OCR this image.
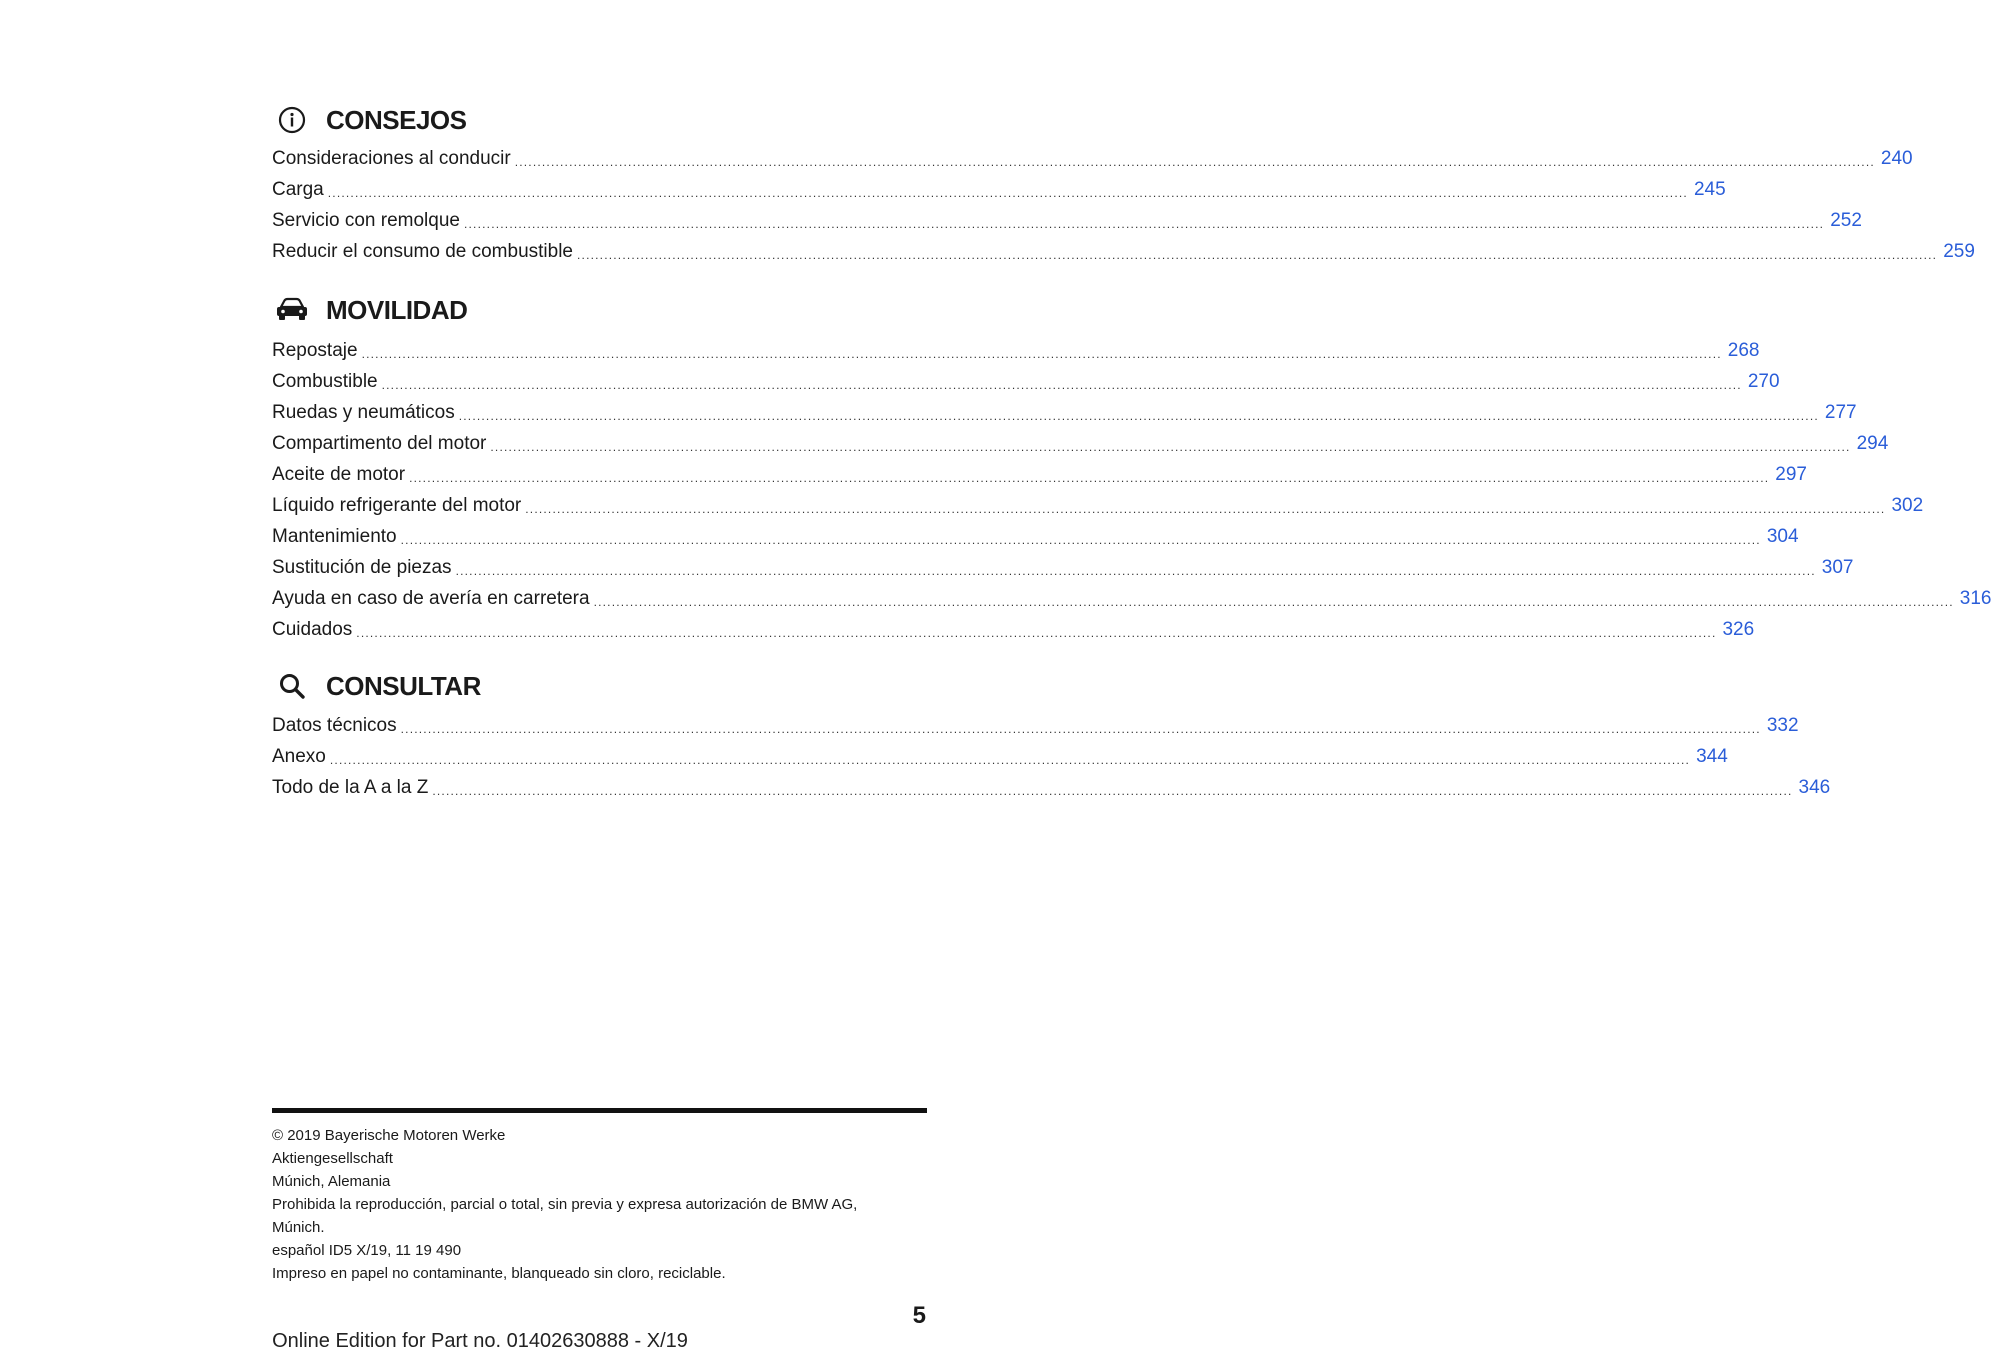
CONSEJOS
Consideraciones al conducir ............................................................................................................................................................................................................................................................................................................ 240
Carga ............................................................................................................................................................................................................................................................................................................ 245
Servicio con remolque ............................................................................................................................................................................................................................................................................................................ 252
Reducir el consumo de combustible ............................................................................................................................................................................................................................................................................................................ 259
MOVILIDAD
Repostaje ............................................................................................................................................................................................................................................................................................................ 268
Combustible ............................................................................................................................................................................................................................................................................................................ 270
Ruedas y neumáticos ............................................................................................................................................................................................................................................................................................................ 277
Compartimento del motor ............................................................................................................................................................................................................................................................................................................ 294
Aceite de motor ............................................................................................................................................................................................................................................................................................................ 297
Líquido refrigerante del motor ............................................................................................................................................................................................................................................................................................................ 302
Mantenimiento ............................................................................................................................................................................................................................................................................................................ 304
Sustitución de piezas ............................................................................................................................................................................................................................................................................................................ 307
Ayuda en caso de avería en carretera ............................................................................................................................................................................................................................................................................................................ 316
Cuidados ............................................................................................................................................................................................................................................................................................................ 326
CONSULTAR
Datos técnicos ............................................................................................................................................................................................................................................................................................................ 332
Anexo ............................................................................................................................................................................................................................................................................................................ 344
Todo de la A a la Z ............................................................................................................................................................................................................................................................................................................ 346
© 2019 Bayerische Motoren Werke
Aktiengesellschaft
Múnich, Alemania
Prohibida la reproducción, parcial o total, sin previa y expresa autorización de BMW AG, Múnich.
español ID5 X/19, 11 19 490
Impreso en papel no contaminante, blanqueado sin cloro, reciclable.
5
Online Edition for Part no. 01402630888 - X/19
